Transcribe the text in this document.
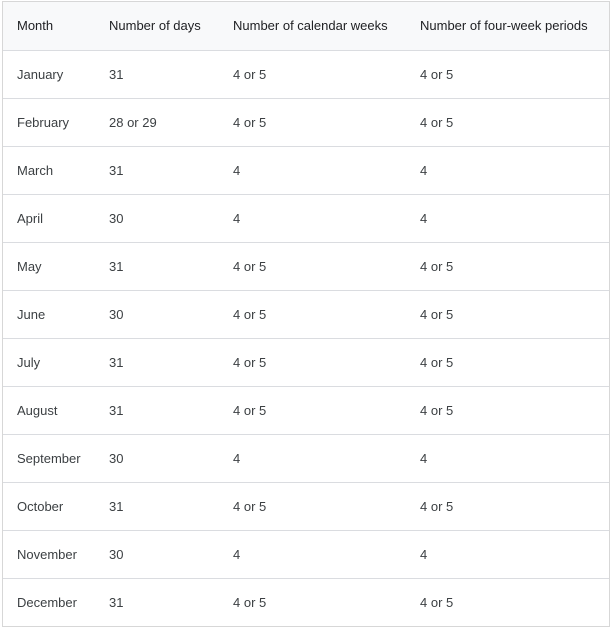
Month	Number of days	Number of calendar weeks	Number of four-week periods
January	31	4 or 5	4 or 5
February	28 or 29	4 or 5	4 or 5
March	31	4	4
April	30	4	4
May	31	4 or 5	4 or 5
June	30	4 or 5	4 or 5
July	31	4 or 5	4 or 5
August	31	4 or 5	4 or 5
September	30	4	4
October	31	4 or 5	4 or 5
November	30	4	4
December	31	4 or 5	4 or 5
